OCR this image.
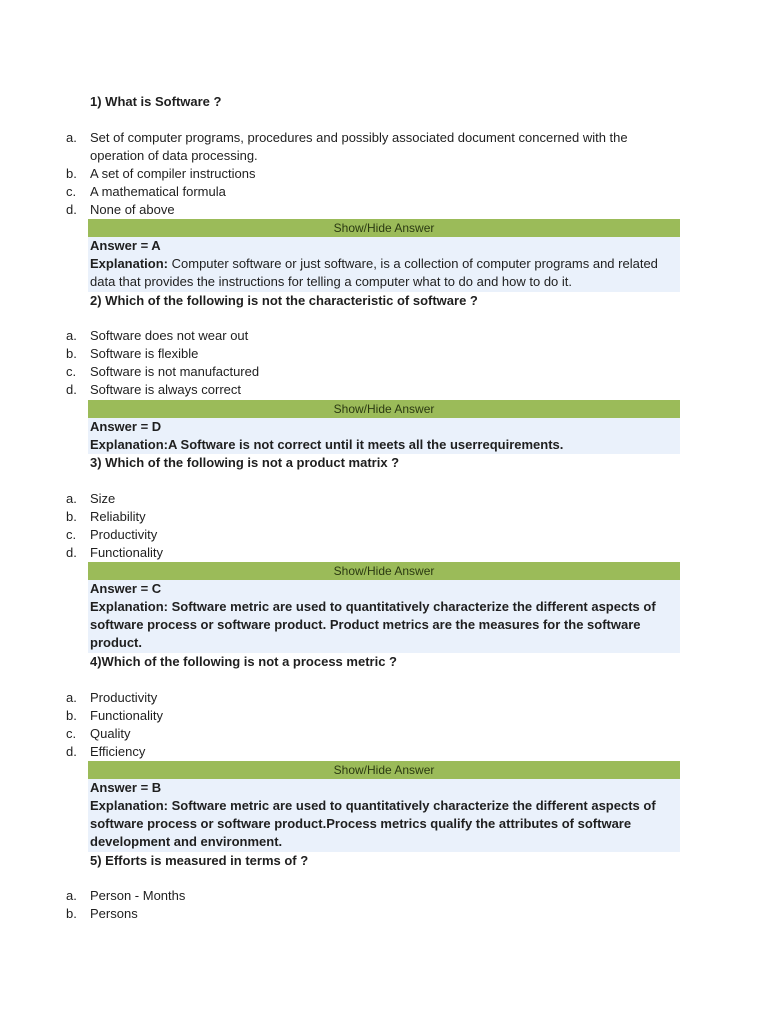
1) What is Software ?
a.	Set of computer programs, procedures and possibly associated document concerned with the operation of data processing.
b.	A set of compiler instructions
c.	A mathematical formula
d.	None of above
Show/Hide Answer
Answer = A
Explanation: Computer software or just software, is a collection of computer programs and related data that provides the instructions for telling a computer what to do and how to do it.
2) Which of the following is not the characteristic of software ?
a.	Software does not wear out
b.	Software is flexible
c.	Software is not manufactured
d.	Software is always correct
Show/Hide Answer
Answer = D
Explanation:A Software is not correct until it meets all the userrequirements.
3) Which of the following is not a product matrix ?
a.	Size
b.	Reliability
c.	Productivity
d.	Functionality
Show/Hide Answer
Answer = C
Explanation: Software metric are used to quantitatively characterize the different aspects of software process or software product. Product metrics are the measures for the software product.
4)Which of the following is not a process metric ?
a.	Productivity
b.	Functionality
c.	Quality
d.	Efficiency
Show/Hide Answer
Answer = B
Explanation: Software metric are used to quantitatively characterize the different aspects of software process or software product.Process metrics qualify the attributes of software development and environment.
5) Efforts is measured in terms of ?
a.	Person - Months
b.	Persons
